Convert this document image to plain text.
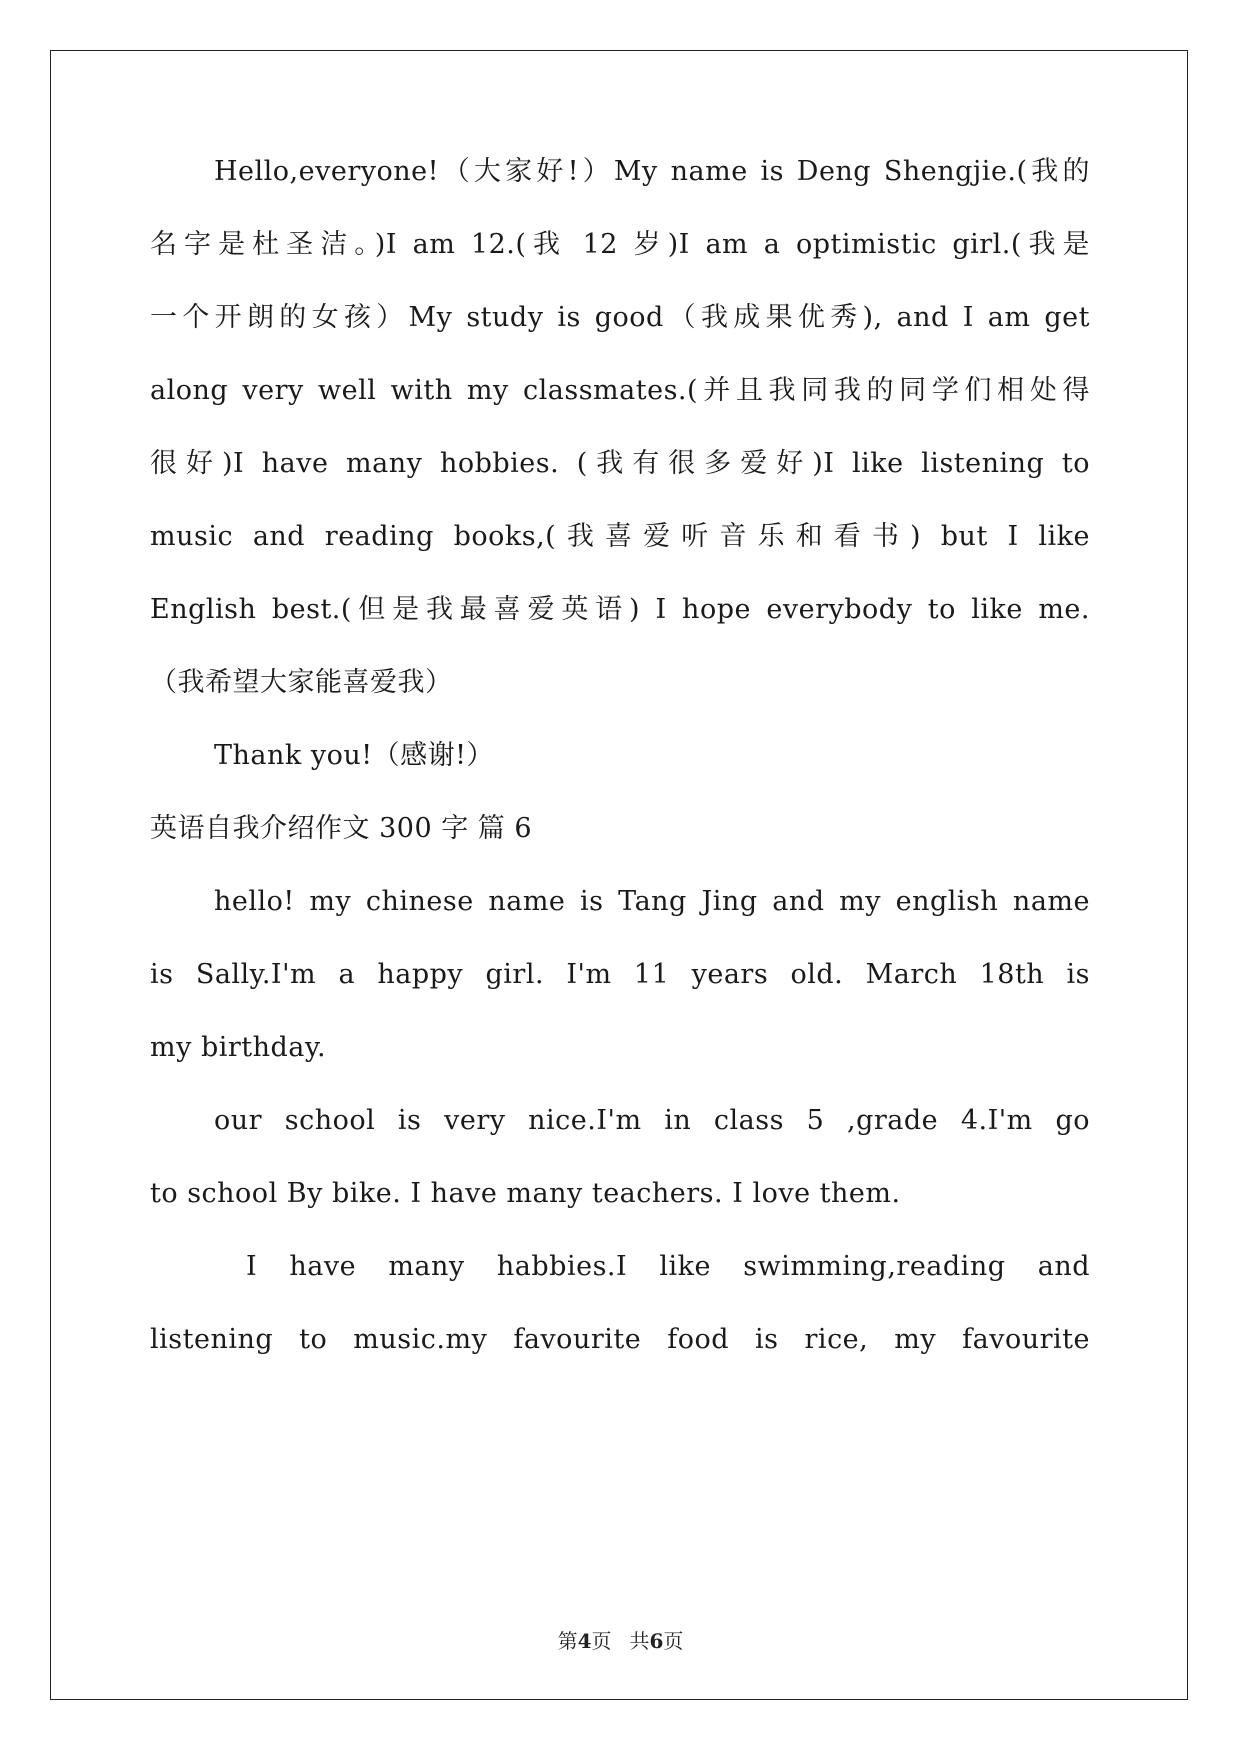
Hello,everyone!（大家好!）My name is Deng Shengjie.(我的
名字是杜圣洁。)I am 12.(我 12 岁)I am a optimistic girl.(我是
一个开朗的女孩）My study is good（我成果优秀), and I am get
along very well with my classmates.(并且我同我的同学们相处得
很好)I have many hobbies. (我有很多爱好)I like listening to
music and reading books,(我喜爱听音乐和看书) but I like
English best.(但是我最喜爱英语) I hope everybody to like me.
（我希望大家能喜爱我）
Thank you!（感谢!）
英语自我介绍作文 300 字 篇 6
hello! my chinese name is Tang Jing and my english name
is Sally.I'm a happy girl. I'm 11 years old. March 18th is
my birthday.
our school is very nice.I'm in class 5 ,grade 4.I'm go
to school By bike. I have many teachers. I love them.
I have many habbies.I like swimming,reading and
listening to music.my favourite food is rice, my favourite
第4页 共6页
